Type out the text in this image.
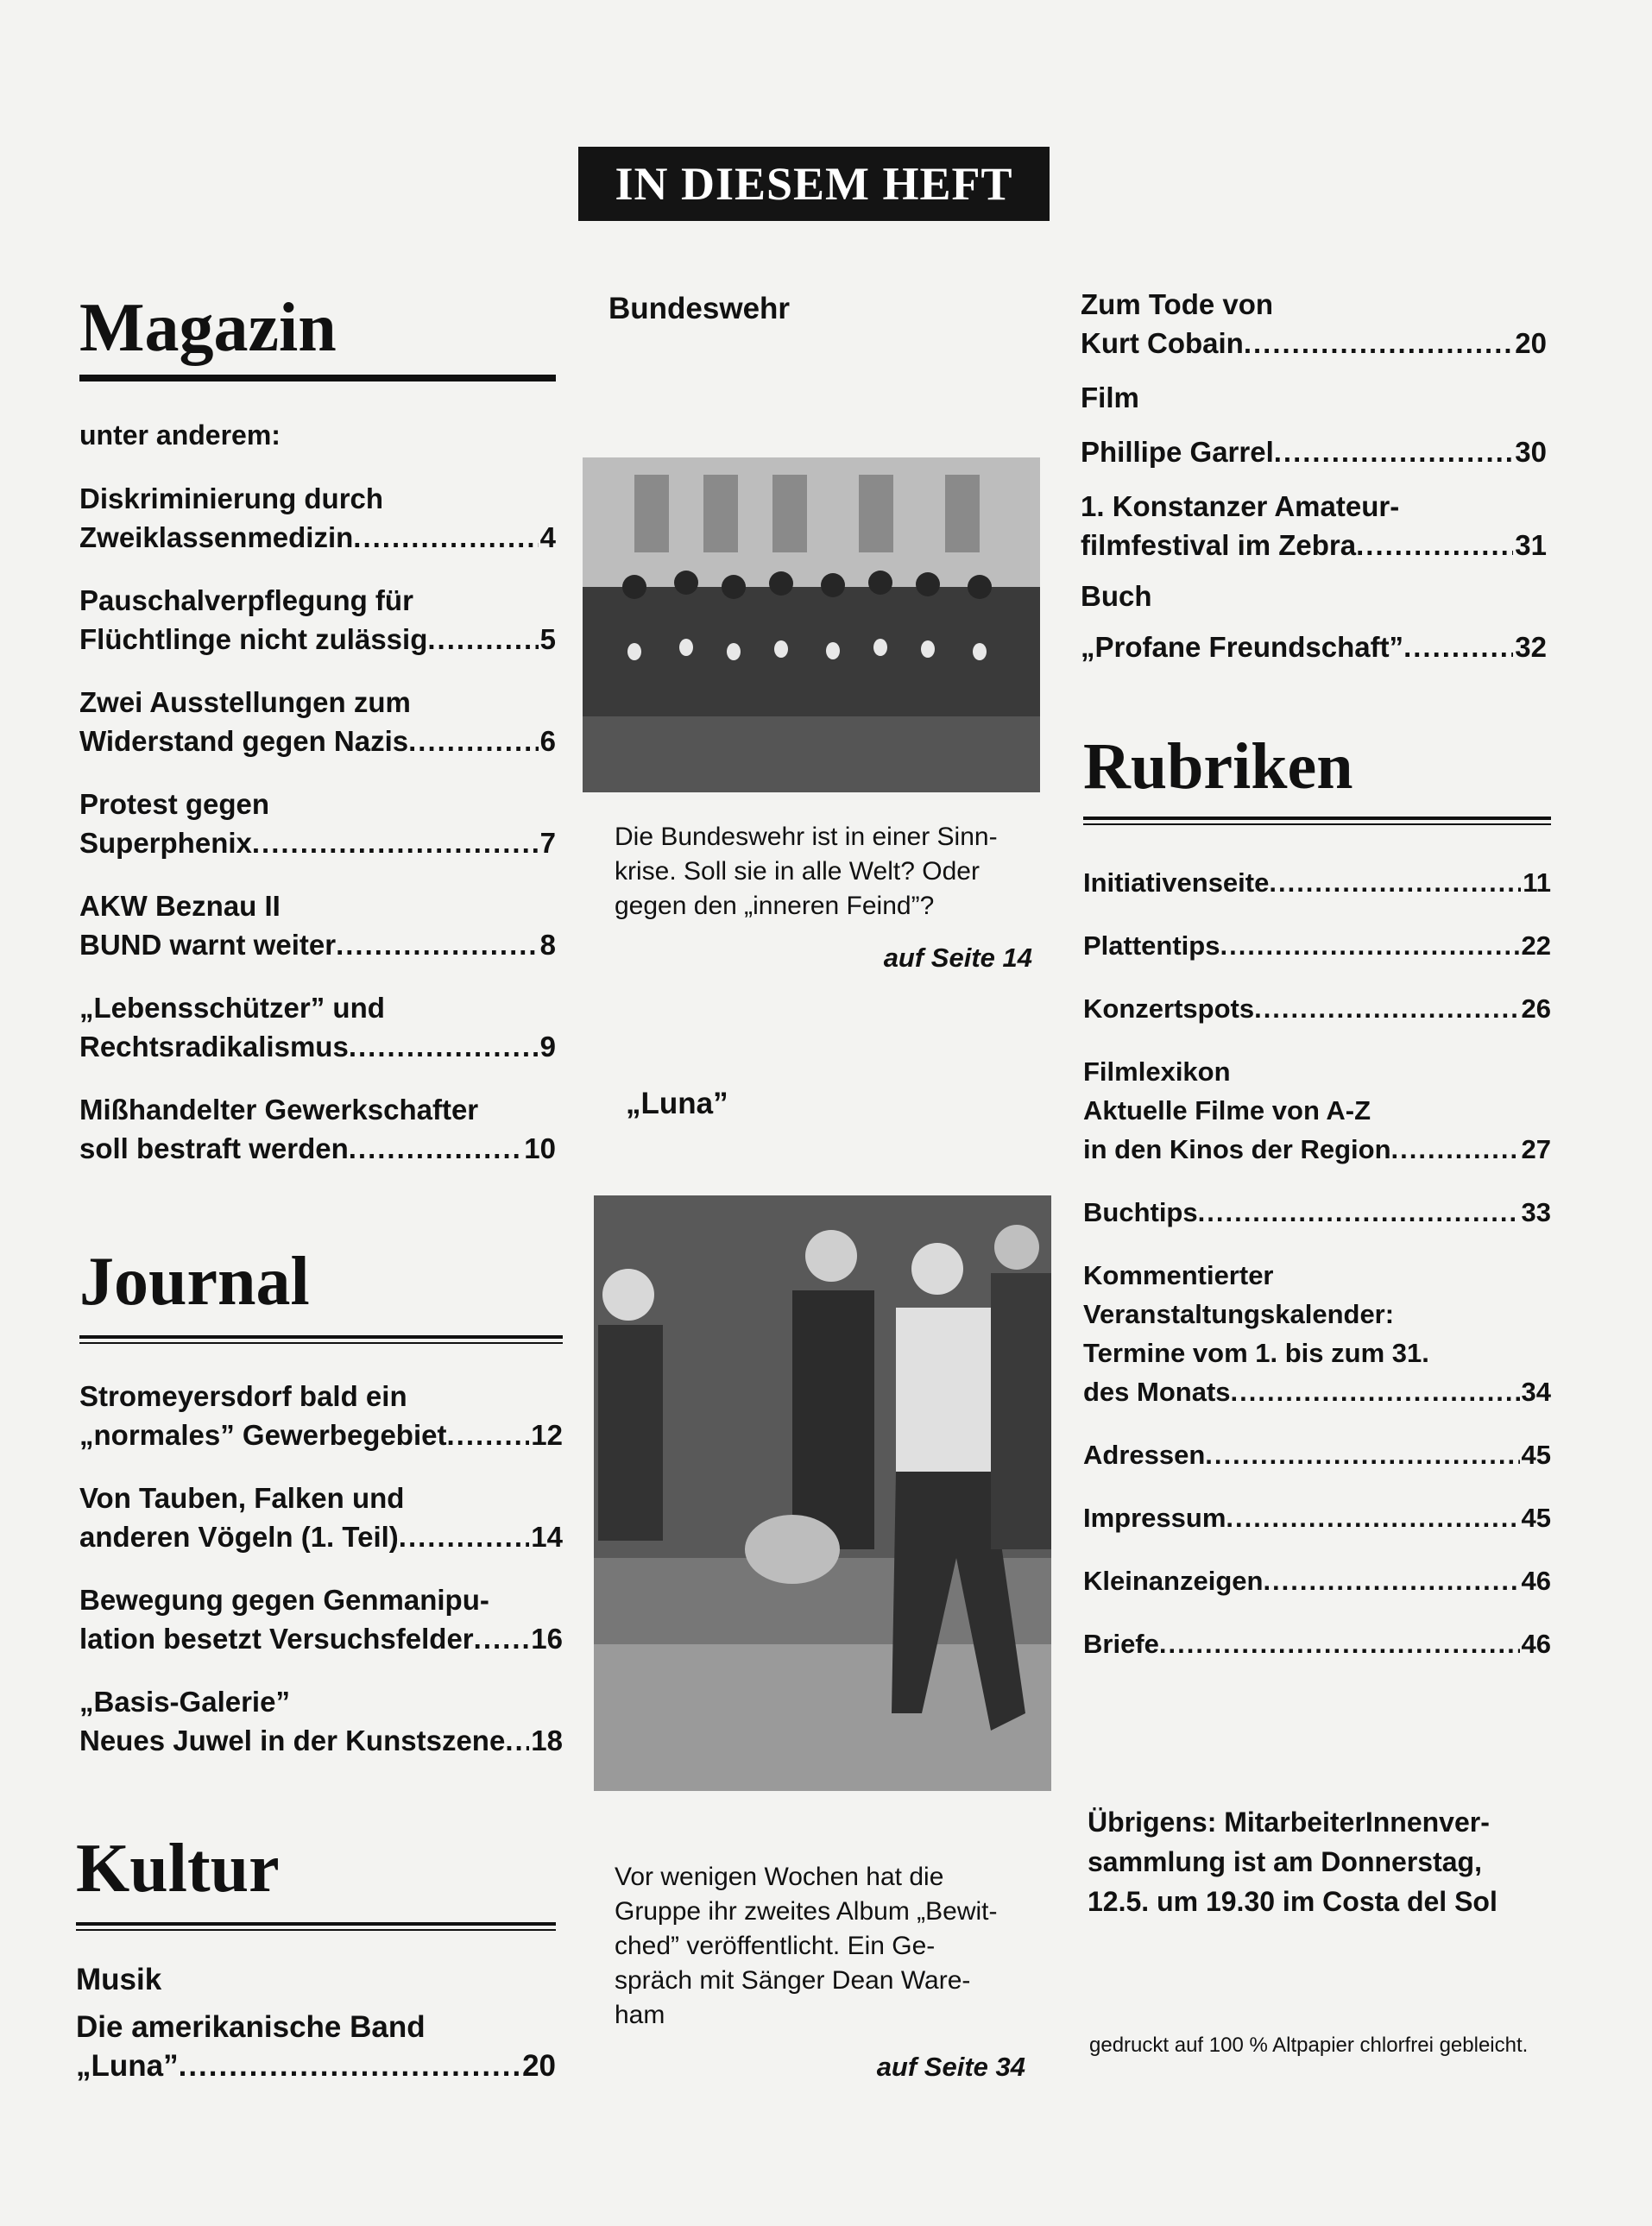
IN DIESEM HEFT
Magazin
unter anderem:
Diskriminierung durch
Zweiklassenmedizin .....	4
Pauschalverpflegung für
Flüchtlinge nicht zulässig .....	5
Zwei Ausstellungen zum
Widerstand gegen Nazis .....	6
Protest gegen
Superphenix .....	7
AKW Beznau II
BUND warnt weiter .....	8
„Lebensschützer” und
Rechtsradikalismus .....	9
Mißhandelter Gewerkschafter
soll bestraft werden .....	10
Journal
Stromeyersdorf bald ein
„normales” Gewerbegebiet .....	12
Von Tauben, Falken und
anderen Vögeln (1. Teil) .....	14
Bewegung gegen Genmanipu-
lation besetzt Versuchsfelder ..... 16
„Basis-Galerie”
Neues Juwel in der Kunstszene ..... 18
Kultur
Musik
Die amerikanische Band
„Luna” .....	20
Bundeswehr
Die Bundeswehr ist in einer Sinn-
krise. Soll sie in alle Welt? Oder
gegen den „inneren Feind”?
auf Seite 14
„Luna”
Vor wenigen Wochen hat die
Gruppe ihr zweites Album „Bewit-
ched” veröffentlicht. Ein Ge-
spräch mit Sänger Dean Ware-
ham
auf Seite 34
Zum Tode von
Kurt Cobain .....	20
Film
Phillipe Garrel .....	30
1. Konstanzer Amateur-
filmfestival im Zebra .....	31
Buch
„Profane Freundschaft” .....	32
Rubriken
Initiativenseite .....	11
Plattentips .....	22
Konzertspots .....	26
Filmlexikon
Aktuelle Filme von A-Z
in den Kinos der Region .....	27
Buchtips .....	33
Kommentierter
Veranstaltungskalender:
Termine vom 1. bis zum 31.
des Monats .....	34
Adressen .....	45
Impressum .....	45
Kleinanzeigen .....	46
Briefe .....	46
Übrigens: MitarbeiterInnenver-
sammlung ist am Donnerstag,
12.5. um 19.30 im Costa del Sol
gedruckt auf 100 % Altpapier chlorfrei gebleicht.
